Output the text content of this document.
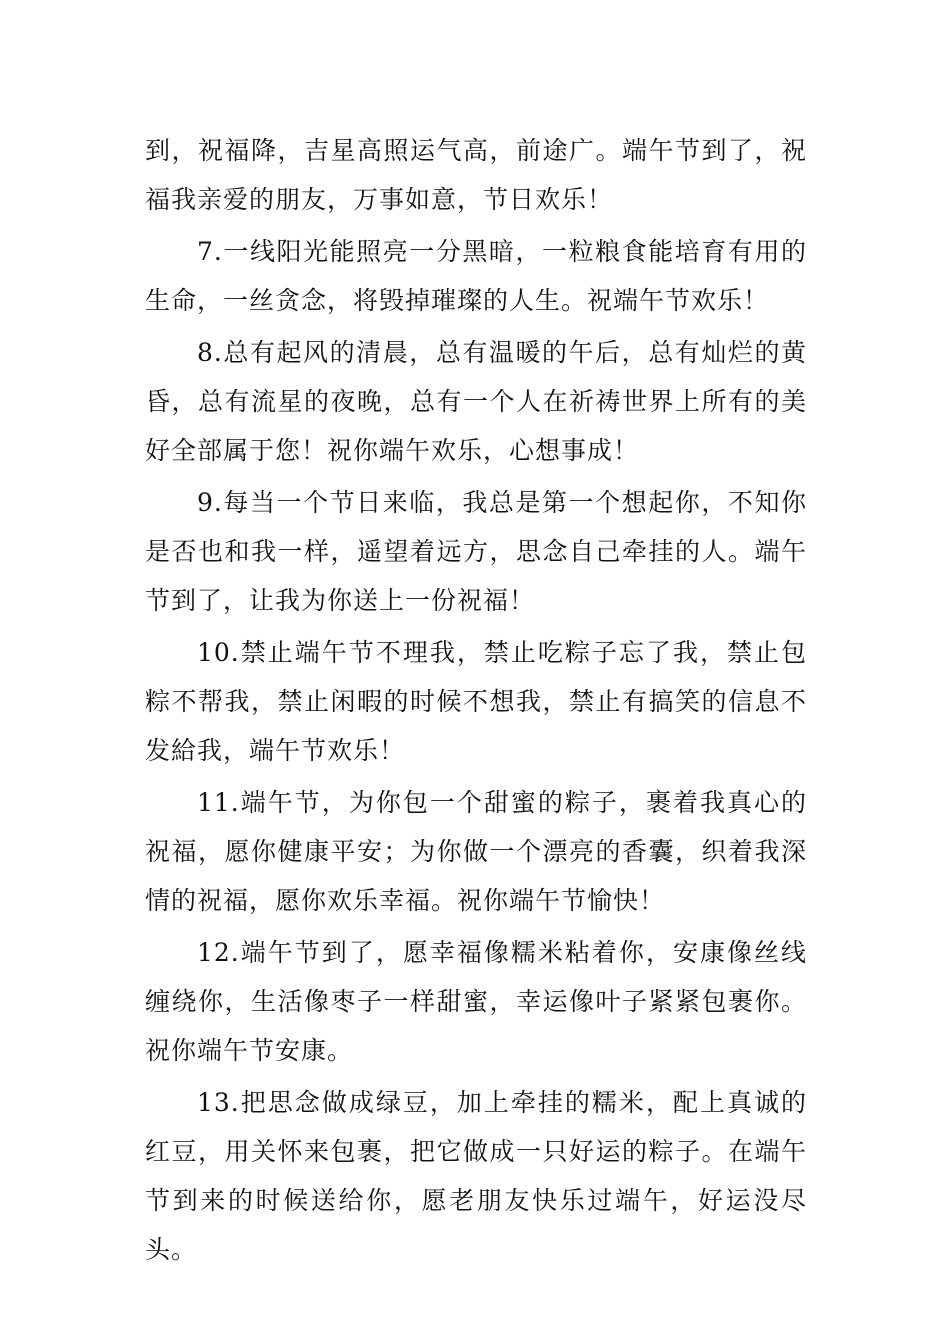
到，祝福降，吉星高照运气高，前途广。端午节到了，祝福我亲爱的朋友，万事如意，节日欢乐！

7.一线阳光能照亮一分黑暗，一粒粮食能培育有用的生命，一丝贪念，将毁掉璀璨的人生。祝端午节欢乐！

8.总有起风的清晨，总有温暖的午后，总有灿烂的黄昏，总有流星的夜晚，总有一个人在祈祷世界上所有的美好全部属于您！祝你端午欢乐，心想事成！

9.每当一个节日来临，我总是第一个想起你，不知你是否也和我一样，遥望着远方，思念自己牵挂的人。端午节到了，让我为你送上一份祝福！

10.禁止端午节不理我，禁止吃粽子忘了我，禁止包粽不帮我，禁止闲暇的时候不想我，禁止有搞笑的信息不发給我，端午节欢乐！

11.端午节，为你包一个甜蜜的粽子，裹着我真心的祝福，愿你健康平安；为你做一个漂亮的香囊，织着我深情的祝福，愿你欢乐幸福。祝你端午节愉快！

12.端午节到了，愿幸福像糯米粘着你，安康像丝线缠绕你，生活像枣子一样甜蜜，幸运像叶子紧紧包裹你。祝你端午节安康。

13.把思念做成绿豆，加上牵挂的糯米，配上真诚的红豆，用关怀来包裹，把它做成一只好运的粽子。在端午节到来的时候送给你，愿老朋友快乐过端午，好运没尽头。
